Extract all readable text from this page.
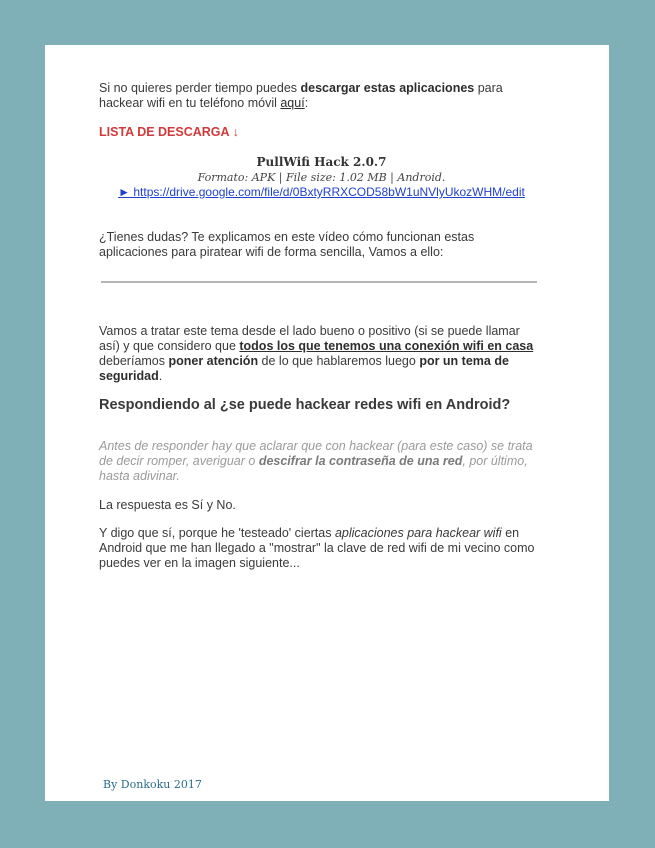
Si no quieres perder tiempo puedes descargar estas aplicaciones para hackear wifi en tu teléfono móvil aquí:

LISTA DE DESCARGA ↓
PullWifi Hack 2.0.7
Formato: APK | File size: 1.02 MB | Android.
► https://drive.google.com/file/d/0BxtyRRXCOD58bW1uNVlyUkozWHM/edit

¿Tienes dudas? Te explicamos en este vídeo cómo funcionan estas aplicaciones para piratear wifi de forma sencilla, Vamos a ello:

Vamos a tratar este tema desde el lado bueno o positivo (si se puede llamar así) y que considero que todos los que tenemos una conexión wifi en casa deberíamos poner atención de lo que hablaremos luego por un tema de seguridad.

Respondiendo al ¿se puede hackear redes wifi en Android?

Antes de responder hay que aclarar que con hackear (para este caso) se trata de decir romper, averiguar o descifrar la contraseña de una red, por último, hasta adivinar.

La respuesta es Sí y No.

Y digo que sí, porque he 'testeado' ciertas aplicaciones para hackear wifi en Android que me han llegado a "mostrar" la clave de red wifi de mi vecino como puedes ver en la imagen siguiente...

By Donkoku 2017
